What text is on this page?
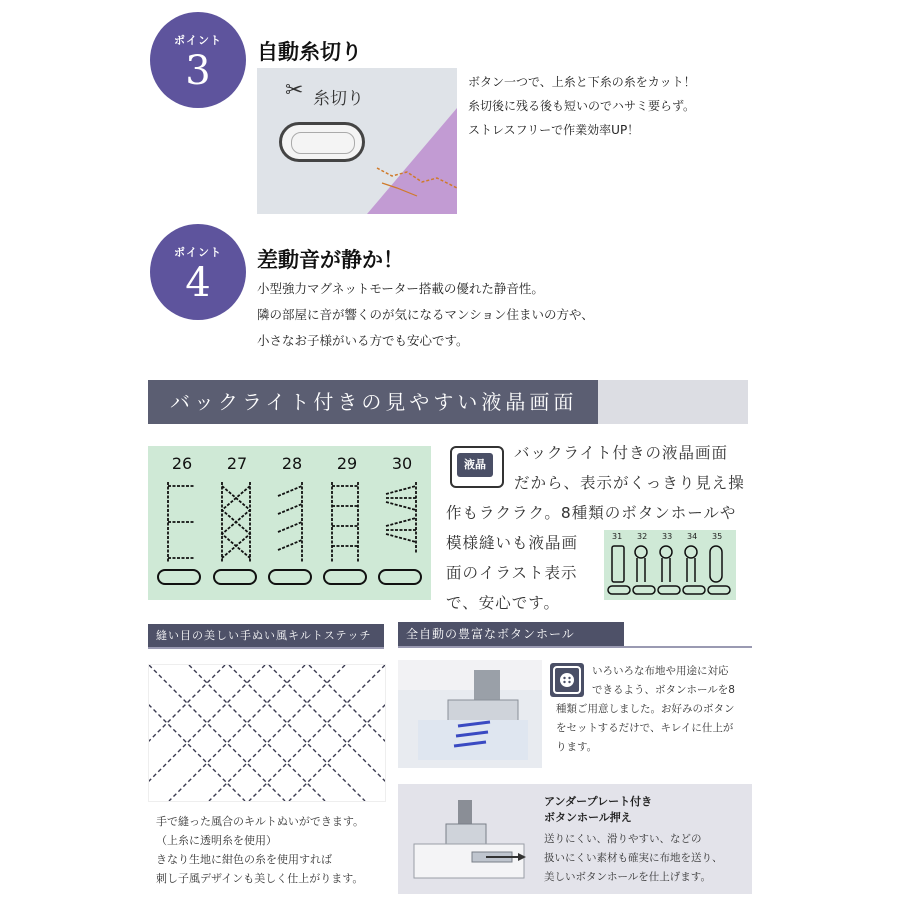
ポイント
3	自動糸切り
✂ 糸切り
ボタン一つで、上糸と下糸の糸をカット！
糸切後に残る後も短いのでハサミ要らず。
ストレスフリーで作業効率UP！
ポイント
4	差動音が静か！
小型強力マグネットモーター搭載の優れた静音性。
隣の部屋に音が響くのが気になるマンション住まいの方や、
小さなお子様がいる方でも安心です。
バックライト付きの見やすい液晶画面
26	27	28	29	30	液晶
バックライト付きの液晶画面
だから、表示がくっきり見え操
作もラクラク。8種類のボタンホールや
模様縫いも液晶画
面のイラスト表示
で、安心です。
31 32 33 34 35
縫い目の美しい手ぬい風キルトステッチ
手で縫った風合のキルトぬいができます。
（上糸に透明糸を使用）
きなり生地に紺色の糸を使用すれば
刺し子風デザインも美しく仕上がります。
全自動の豊富なボタンホール
いろいろな布地や用途に対応
できるよう、ボタンホールを8
種類ご用意しました。お好みのボタン
をセットするだけで、キレイに仕上が
ります。
アンダープレート付き
ボタンホール押え
送りにくい、滑りやすい、などの
扱いにくい素材も確実に布地を送り、
美しいボタンホールを仕上げます。
